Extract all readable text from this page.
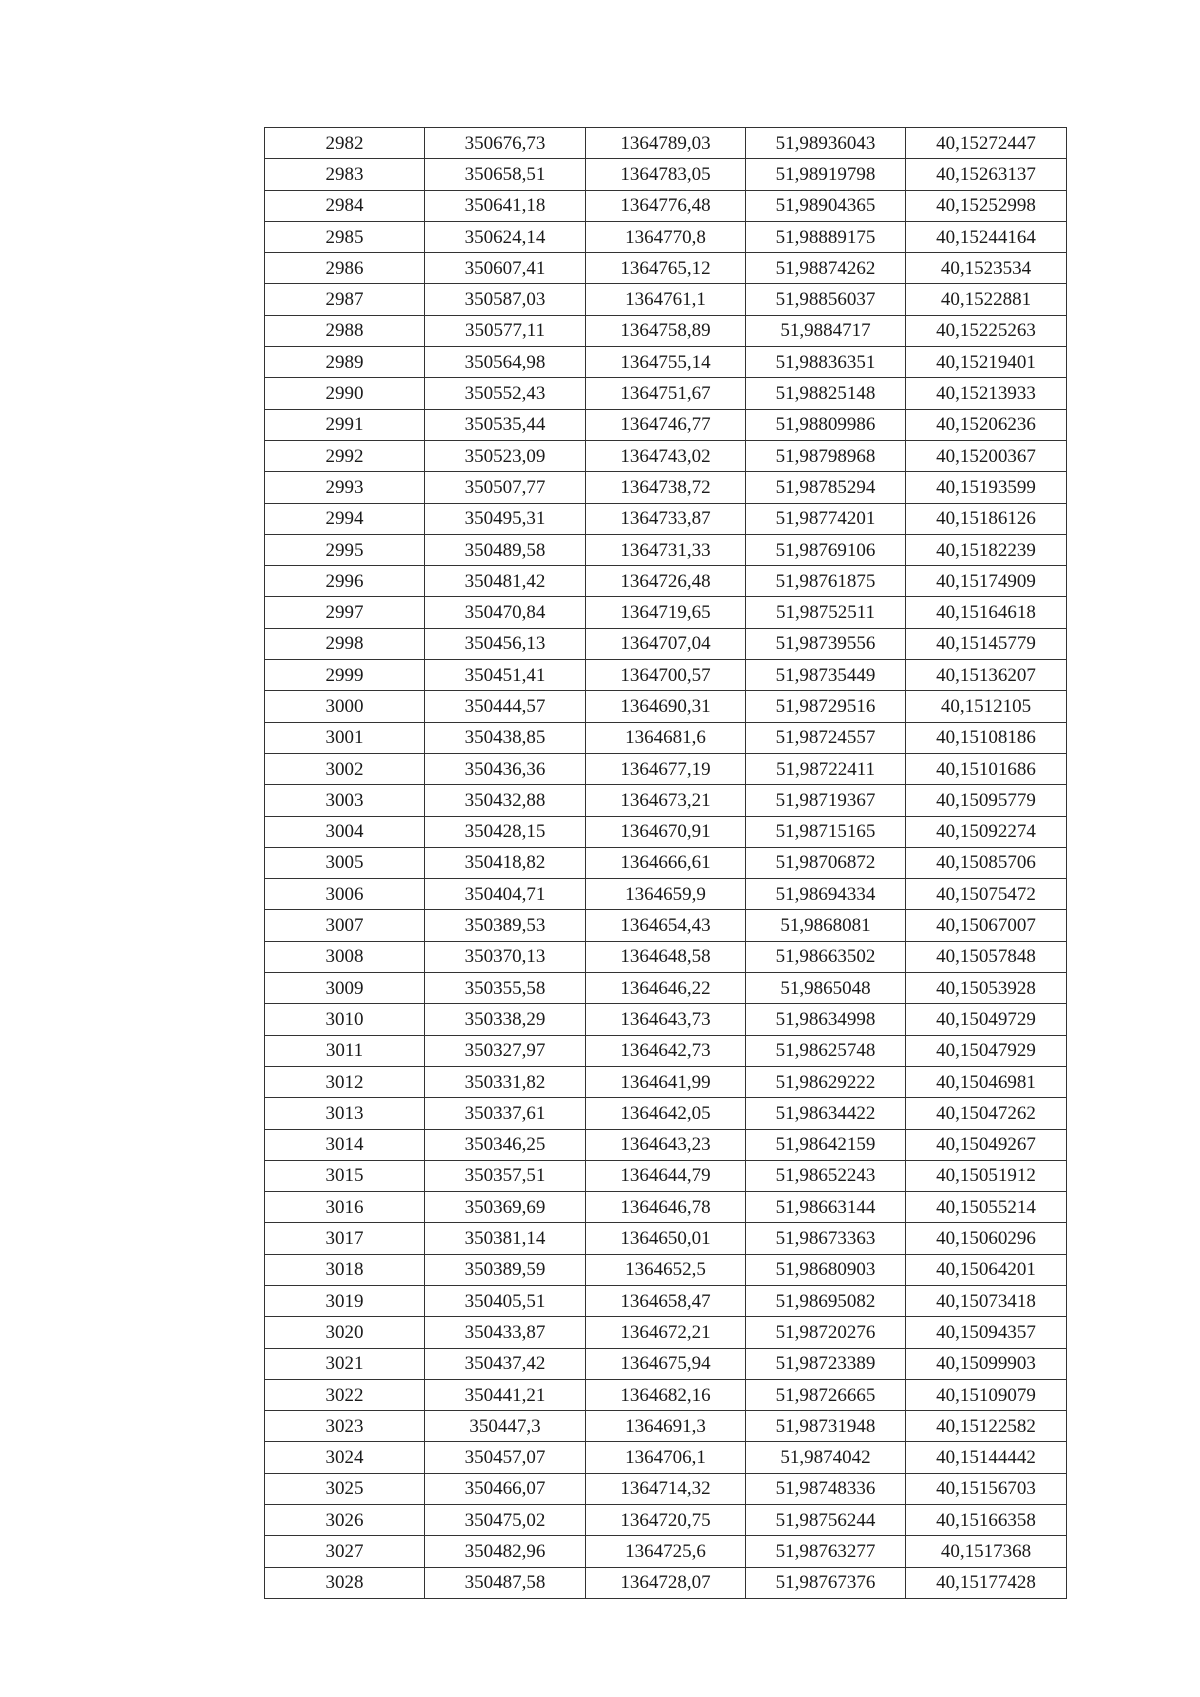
2982	350676,73	1364789,03	51,98936043	40,15272447
2983	350658,51	1364783,05	51,98919798	40,15263137
2984	350641,18	1364776,48	51,98904365	40,15252998
2985	350624,14	1364770,8	51,98889175	40,15244164
2986	350607,41	1364765,12	51,98874262	40,1523534
2987	350587,03	1364761,1	51,98856037	40,1522881
2988	350577,11	1364758,89	51,9884717	40,15225263
2989	350564,98	1364755,14	51,98836351	40,15219401
2990	350552,43	1364751,67	51,98825148	40,15213933
2991	350535,44	1364746,77	51,98809986	40,15206236
2992	350523,09	1364743,02	51,98798968	40,15200367
2993	350507,77	1364738,72	51,98785294	40,15193599
2994	350495,31	1364733,87	51,98774201	40,15186126
2995	350489,58	1364731,33	51,98769106	40,15182239
2996	350481,42	1364726,48	51,98761875	40,15174909
2997	350470,84	1364719,65	51,98752511	40,15164618
2998	350456,13	1364707,04	51,98739556	40,15145779
2999	350451,41	1364700,57	51,98735449	40,15136207
3000	350444,57	1364690,31	51,98729516	40,1512105
3001	350438,85	1364681,6	51,98724557	40,15108186
3002	350436,36	1364677,19	51,98722411	40,15101686
3003	350432,88	1364673,21	51,98719367	40,15095779
3004	350428,15	1364670,91	51,98715165	40,15092274
3005	350418,82	1364666,61	51,98706872	40,15085706
3006	350404,71	1364659,9	51,98694334	40,15075472
3007	350389,53	1364654,43	51,9868081	40,15067007
3008	350370,13	1364648,58	51,98663502	40,15057848
3009	350355,58	1364646,22	51,9865048	40,15053928
3010	350338,29	1364643,73	51,98634998	40,15049729
3011	350327,97	1364642,73	51,98625748	40,15047929
3012	350331,82	1364641,99	51,98629222	40,15046981
3013	350337,61	1364642,05	51,98634422	40,15047262
3014	350346,25	1364643,23	51,98642159	40,15049267
3015	350357,51	1364644,79	51,98652243	40,15051912
3016	350369,69	1364646,78	51,98663144	40,15055214
3017	350381,14	1364650,01	51,98673363	40,15060296
3018	350389,59	1364652,5	51,98680903	40,15064201
3019	350405,51	1364658,47	51,98695082	40,15073418
3020	350433,87	1364672,21	51,98720276	40,15094357
3021	350437,42	1364675,94	51,98723389	40,15099903
3022	350441,21	1364682,16	51,98726665	40,15109079
3023	350447,3	1364691,3	51,98731948	40,15122582
3024	350457,07	1364706,1	51,9874042	40,15144442
3025	350466,07	1364714,32	51,98748336	40,15156703
3026	350475,02	1364720,75	51,98756244	40,15166358
3027	350482,96	1364725,6	51,98763277	40,1517368
3028	350487,58	1364728,07	51,98767376	40,15177428
